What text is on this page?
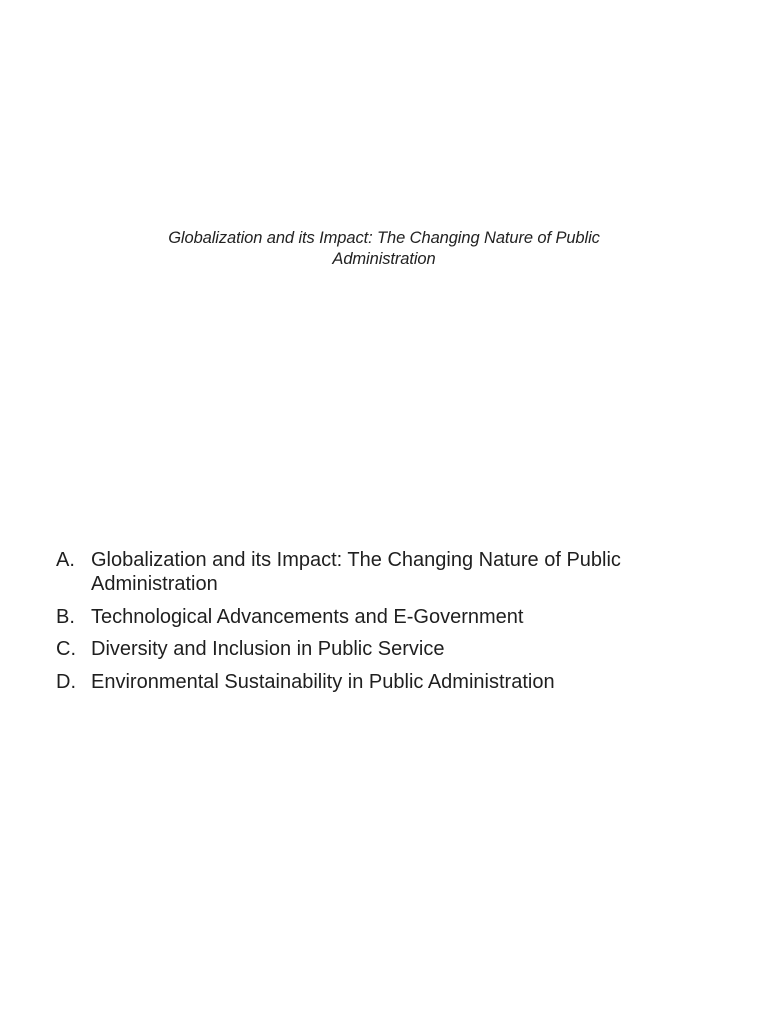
Globalization and its Impact: The Changing Nature of Public Administration
A. Globalization and its Impact: The Changing Nature of Public Administration
B. Technological Advancements and E-Government
C. Diversity and Inclusion in Public Service
D. Environmental Sustainability in Public Administration
